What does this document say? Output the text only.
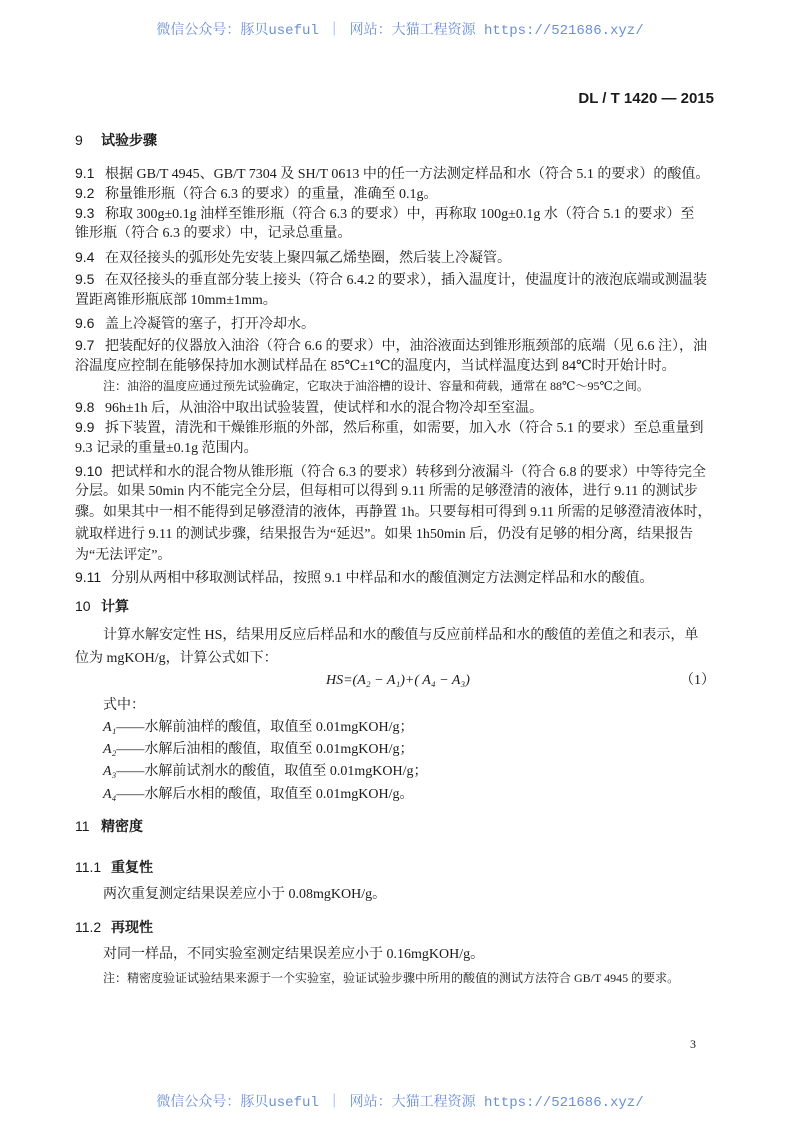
微信公众号：豚贝useful ｜ 网站：大猫工程资源 https://521686.xyz/
DL / T 1420 — 2015
9 试验步骤
9.1 根据 GB/T 4945、GB/T 7304 及 SH/T 0613 中的任一方法测定样品和水（符合 5.1 的要求）的酸值。
9.2 称量锥形瓶（符合 6.3 的要求）的重量，准确至 0.1g。
9.3 称取 300g±0.1g 油样至锥形瓶（符合 6.3 的要求）中，再称取 100g±0.1g 水（符合 5.1 的要求）至
锥形瓶（符合 6.3 的要求）中，记录总重量。
9.4 在双径接头的弧形处先安装上聚四氟乙烯垫圈，然后装上冷凝管。
9.5 在双径接头的垂直部分装上接头（符合 6.4.2 的要求），插入温度计，使温度计的液泡底端或测温装
置距离锥形瓶底部 10mm±1mm。
9.6 盖上冷凝管的塞子，打开冷却水。
9.7 把装配好的仪器放入油浴（符合 6.6 的要求）中，油浴液面达到锥形瓶颈部的底端（见 6.6 注），油
浴温度应控制在能够保持加水测试样品在 85℃±1℃的温度内，当试样温度达到 84℃时开始计时。
注：油浴的温度应通过预先试验确定，它取决于油浴槽的设计、容量和荷载，通常在 88℃～95℃之间。
9.8 96h±1h 后，从油浴中取出试验装置，使试样和水的混合物冷却至室温。
9.9 拆下装置，清洗和干燥锥形瓶的外部，然后称重，如需要，加入水（符合 5.1 的要求）至总重量到
9.3 记录的重量±0.1g 范围内。
9.10 把试样和水的混合物从锥形瓶（符合 6.3 的要求）转移到分液漏斗（符合 6.8 的要求）中等待完全
分层。如果 50min 内不能完全分层，但每相可以得到 9.11 所需的足够澄清的液体，进行 9.11 的测试步
骤。如果其中一相不能得到足够澄清的液体，再静置 1h。只要每相可得到 9.11 所需的足够澄清液体时，
就取样进行 9.11 的测试步骤，结果报告为“延迟”。如果 1h50min 后，仍没有足够的相分离，结果报告
为“无法评定”。
9.11 分别从两相中移取测试样品，按照 9.1 中样品和水的酸值测定方法测定样品和水的酸值。
10 计算
计算水解安定性 HS，结果用反应后样品和水的酸值与反应前样品和水的酸值的差值之和表示，单
位为 mgKOH/g，计算公式如下：
HS=(A₂ − A₁)+( A₄ − A₃)	（1）
式中：
A₁——水解前油样的酸值，取值至 0.01mgKOH/g；
A₂——水解后油相的酸值，取值至 0.01mgKOH/g；
A₃——水解前试剂水的酸值，取值至 0.01mgKOH/g；
A₄——水解后水相的酸值，取值至 0.01mgKOH/g。
11 精密度
11.1 重复性
两次重复测定结果误差应小于 0.08mgKOH/g。
11.2 再现性
对同一样品，不同实验室测定结果误差应小于 0.16mgKOH/g。
注：精密度验证试验结果来源于一个实验室，验证试验步骤中所用的酸值的测试方法符合 GB/T 4945 的要求。
3
微信公众号：豚贝useful ｜ 网站：大猫工程资源 https://521686.xyz/
